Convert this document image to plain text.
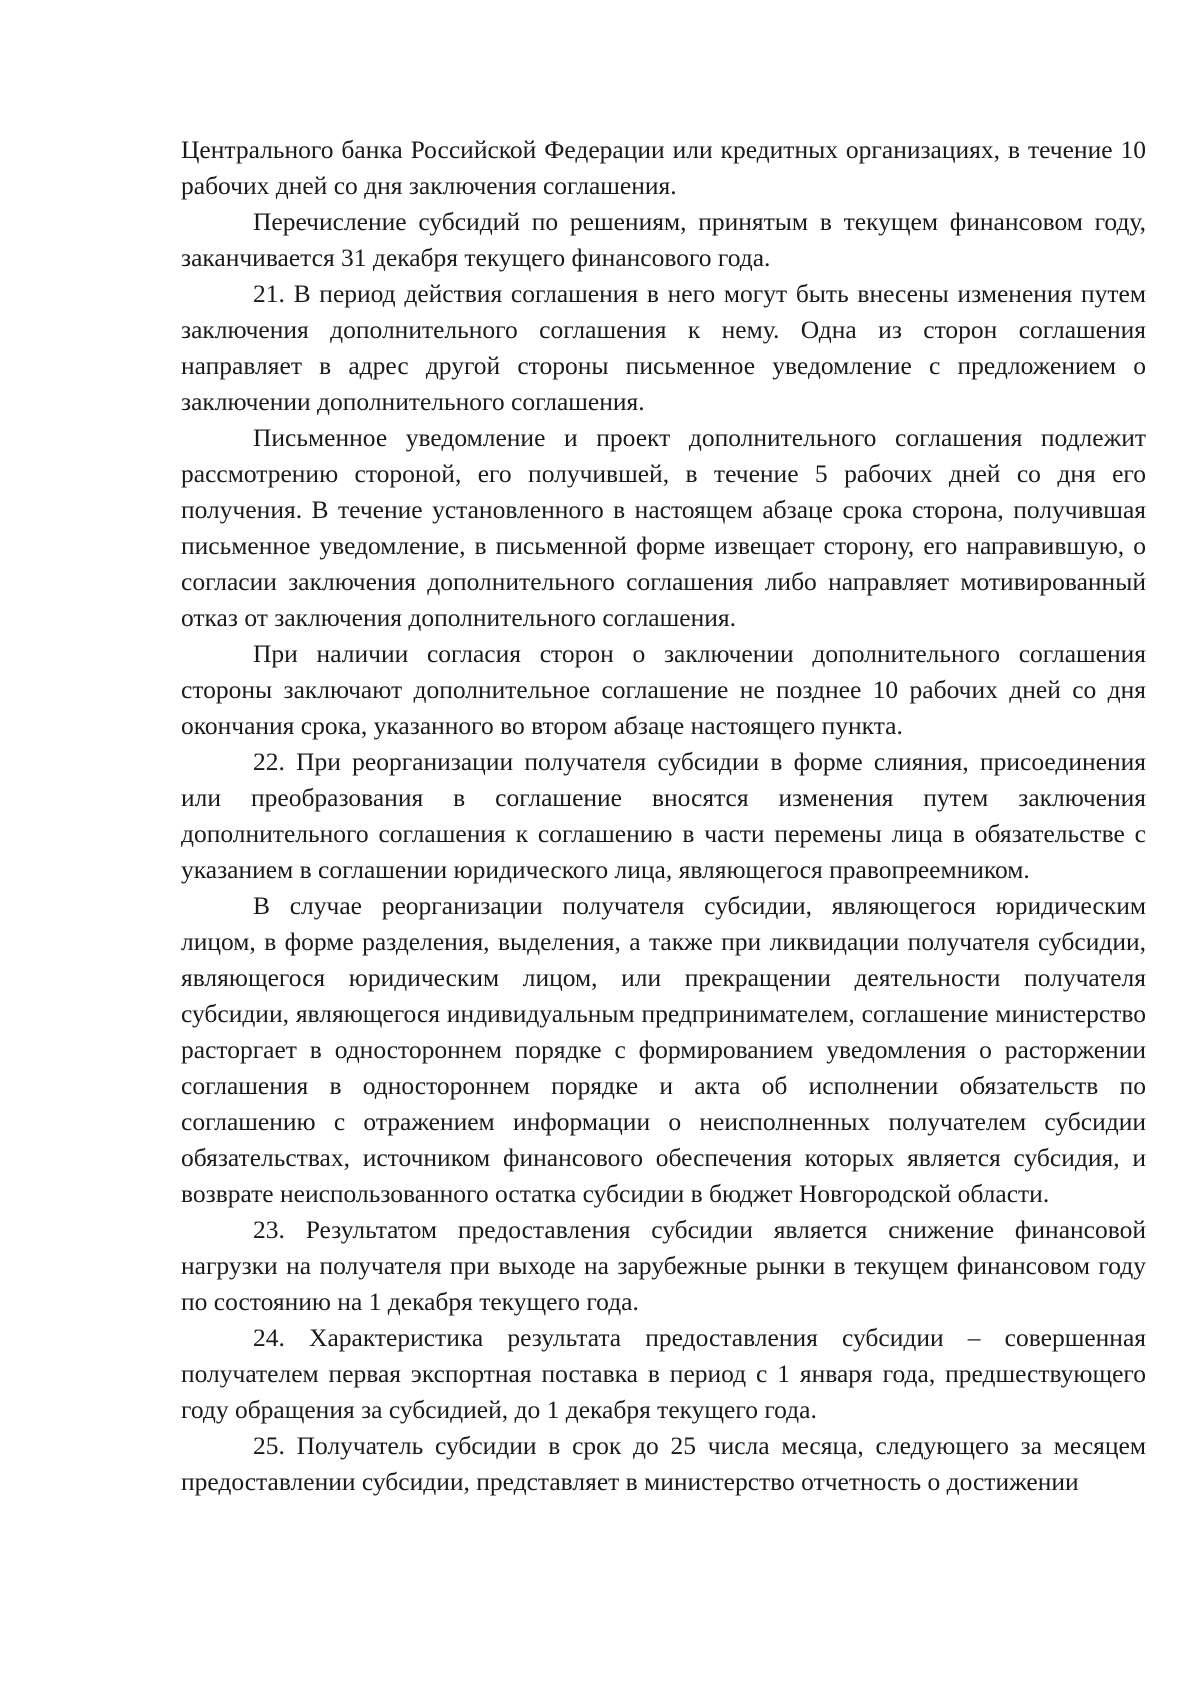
Центрального банка Российской Федерации или кредитных организациях, в течение 10 рабочих дней со дня заключения соглашения.

Перечисление субсидий по решениям, принятым в текущем финансовом году, заканчивается 31 декабря текущего финансового года.

21. В период действия соглашения в него могут быть внесены изменения путем заключения дополнительного соглашения к нему. Одна из сторон соглашения направляет в адрес другой стороны письменное уведомление с предложением о заключении дополнительного соглашения.

Письменное уведомление и проект дополнительного соглашения подлежит рассмотрению стороной, его получившей, в течение 5 рабочих дней со дня его получения. В течение установленного в настоящем абзаце срока сторона, получившая письменное уведомление, в письменной форме извещает сторону, его направившую, о согласии заключения дополнительного соглашения либо направляет мотивированный отказ от заключения дополнительного соглашения.

При наличии согласия сторон о заключении дополнительного соглашения стороны заключают дополнительное соглашение не позднее 10 рабочих дней со дня окончания срока, указанного во втором абзаце настоящего пункта.

22. При реорганизации получателя субсидии в форме слияния, присоединения или преобразования в соглашение вносятся изменения путем заключения дополнительного соглашения к соглашению в части перемены лица в обязательстве с указанием в соглашении юридического лица, являющегося правопреемником.

В случае реорганизации получателя субсидии, являющегося юридическим лицом, в форме разделения, выделения, а также при ликвидации получателя субсидии, являющегося юридическим лицом, или прекращении деятельности получателя субсидии, являющегося индивидуальным предпринимателем, соглашение министерство расторгает в одностороннем порядке с формированием уведомления о расторжении соглашения в одностороннем порядке и акта об исполнении обязательств по соглашению с отражением информации о неисполненных получателем субсидии обязательствах, источником финансового обеспечения которых является субсидия, и возврате неиспользованного остатка субсидии в бюджет Новгородской области.

23. Результатом предоставления субсидии является снижение финансовой нагрузки на получателя при выходе на зарубежные рынки в текущем финансовом году по состоянию на 1 декабря текущего года.

24. Характеристика результата предоставления субсидии – совершенная получателем первая экспортная поставка в период с 1 января года, предшествующего году обращения за субсидией, до 1 декабря текущего года.

25. Получатель субсидии в срок до 25 числа месяца, следующего за месяцем предоставлении субсидии, представляет в министерство отчетность о достижении
